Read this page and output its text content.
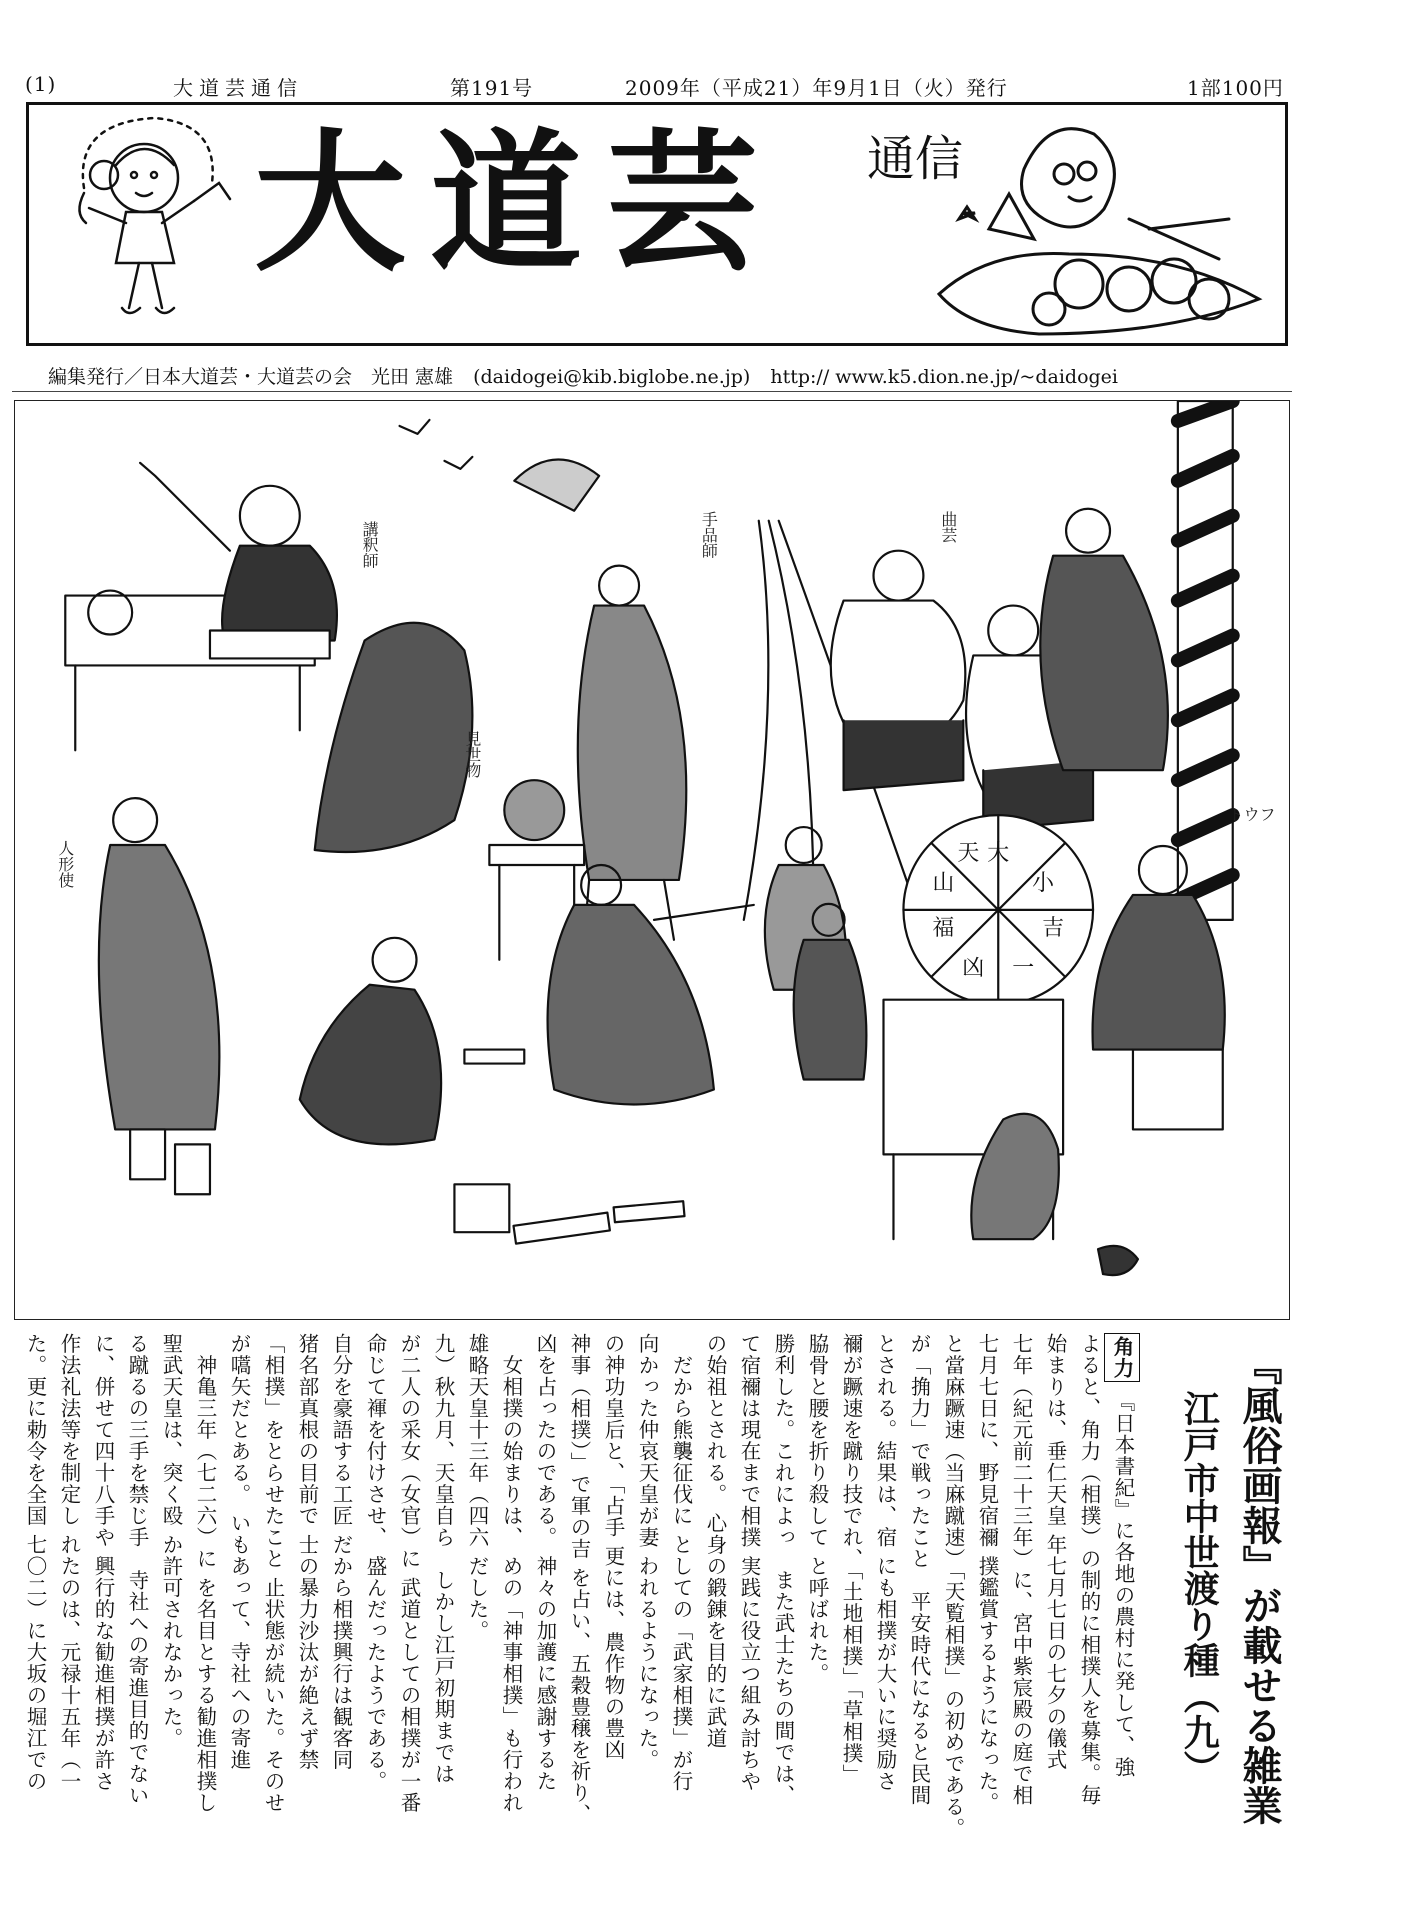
(1)	大道芸通信	第191号	2009年（平成21）年9月1日（火）発行	1部100円
大道芸 通信
編集発行／日本大道芸・大道芸の会　光田 憲雄 (daidogei@kib.biglobe.ne.jp) http:// www.k5.dion.ne.jp/~daidogei
講釈師	手品師	曲芸
見世物
人形使
トウフ
大
小
吉
一
凶
福
山
天
『風俗画報』が載せる雑業
江戸市中世渡り種（九）
角力
『日本書紀』に各地の農村に発して、強
よると、角力（相撲）の制的に相撲人を募集。毎
始まりは、垂仁天皇 年七月七日の七夕の儀式
七年（紀元前二十三年）に、宮中紫宸殿の庭で相
七月七日に、野見宿禰 撲鑑賞するようになった。
と當麻蹶速（当麻蹴速）「天覧相撲」の初めである。
が「捔力」で戦ったこと　平安時代になると民間
とされる。結果は、宿 にも相撲が大いに奨励さ
禰が蹶速を蹴り技でれ、「土地相撲」「草相撲」
脇骨と腰を折り殺して と呼ばれた。
勝利した。これによっ　また武士たちの間では、
て宿禰は現在まで相撲 実践に役立つ組み討ちや
の始祖とされる。 心身の鍛錬を目的に武道
　だから熊襲征伐に としての「武家相撲」が行
向かった仲哀天皇が妻 われるようになった。
の神功皇后と、「占手 更には、農作物の豊凶
神事（相撲）」で軍の吉 を占い、五穀豊穣を祈り、
凶を占ったのである。 神々の加護に感謝するた
　女相撲の始まりは、 めの「神事相撲」も行われ
雄略天皇十三年（四六 だした。
九）秋九月、天皇自ら　しかし江戸初期までは
が二人の采女（女官）に 武道としての相撲が一番
命じて褌を付けさせ、 盛んだったようである。
自分を豪語する工匠 だから相撲興行は観客同
猪名部真根の目前で 士の暴力沙汰が絶えず禁
「相撲」をとらせたこと 止状態が続いた。そのせ
が嚆矢だとある。 いもあって、寺社への寄進
　神亀三年（七二六）に を名目とする勧進相撲し
聖武天皇は、突く殴 か許可されなかった。
る蹴るの三手を禁じ手　寺社への寄進目的でない
に、併せて四十八手や 興行的な勧進相撲が許さ
作法礼法等を制定し れたのは、元禄十五年（一
た。更に勅令を全国 七〇二）に大坂の堀江での
